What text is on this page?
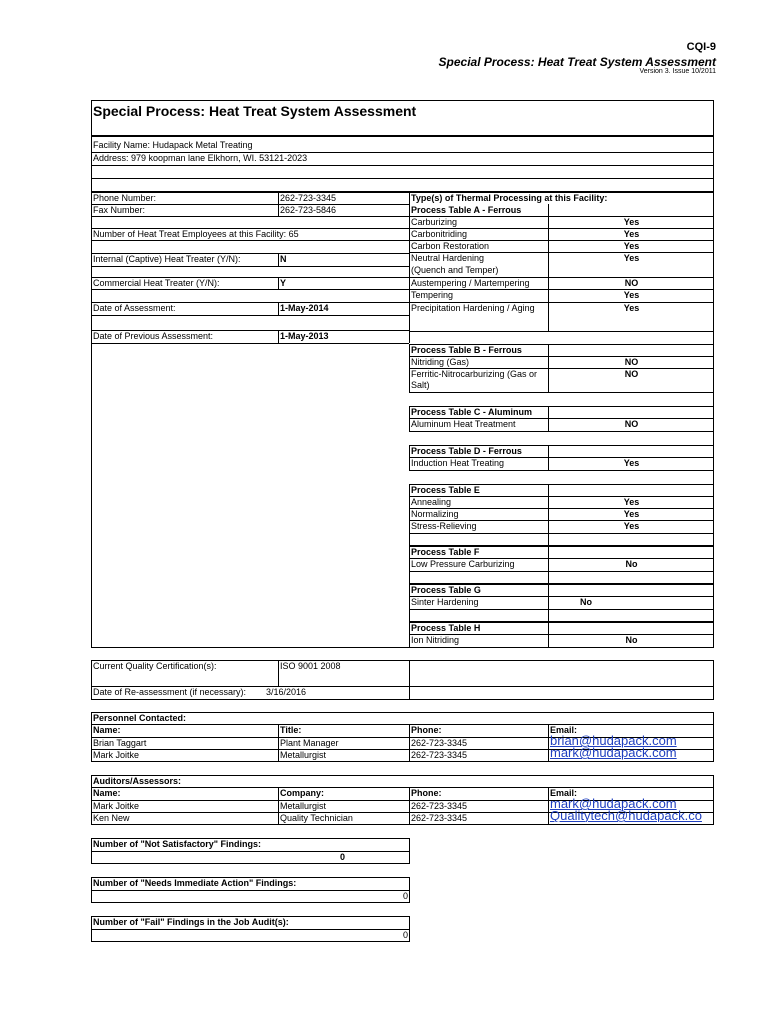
CQI-9
Special Process: Heat Treat System Assessment
Version 3, Issue 10/2011
Special Process: Heat Treat System Assessment
Facility Name: Hudapack Metal Treating
Address: 979 koopman lane Elkhorn, WI. 53121-2023
Phone Number:	262-723-3345
Fax Number:	262-723-5846
Number of Heat Treat Employees at this Facility: 65
Internal (Captive) Heat Treater (Y/N):	N
Commercial Heat Treater (Y/N):	Y
Date of Assessment:	1-May-2014
Date of Previous Assessment:	1-May-2013
Type(s) of Thermal Processing at this Facility:
Process Table A - Ferrous
Carburizing	Yes
Carbonitriding	Yes
Carbon Restoration	Yes
Neutral Hardening
(Quench and Temper)
Yes
Austempering / Martempering	NO
Tempering	Yes
Precipitation Hardening / Aging	Yes
Process Table B - Ferrous
Nitriding (Gas)	NO
Ferritic-Nitrocarburizing (Gas or
Salt)
NO
Process Table C - Aluminum
Aluminum Heat Treatment	NO
Process Table D - Ferrous
Induction Heat Treating	Yes
Process Table E
Annealing	Yes
Normalizing	Yes
Stress-Relieving	Yes
Process Table F
Low Pressure Carburizing	No
Process Table G
Sinter Hardening	No
Process Table H
Ion Nitriding	No
Current Quality Certification(s):	ISO 9001 2008
Date of Re-assessment (if necessary): 3/16/2016
Personnel Contacted:
Name:	Title:	Phone:	Email:
Brian Taggart	Plant Manager	262-723-3345	brian@hudapack.com
Mark Joitke	Metallurgist	262-723-3345	mark@hudapack.com
Auditors/Assessors:
Name:	Company:	Phone:	Email:
Mark Joitke	Metallurgist	262-723-3345	mark@hudapack.com
Ken New	Quality Technician	262-723-3345	Qualitytech@hudapack.co
Number of "Not Satisfactory" Findings:
0
Number of "Needs Immediate Action" Findings:
0
Number of "Fail" Findings in the Job Audit(s):
0
